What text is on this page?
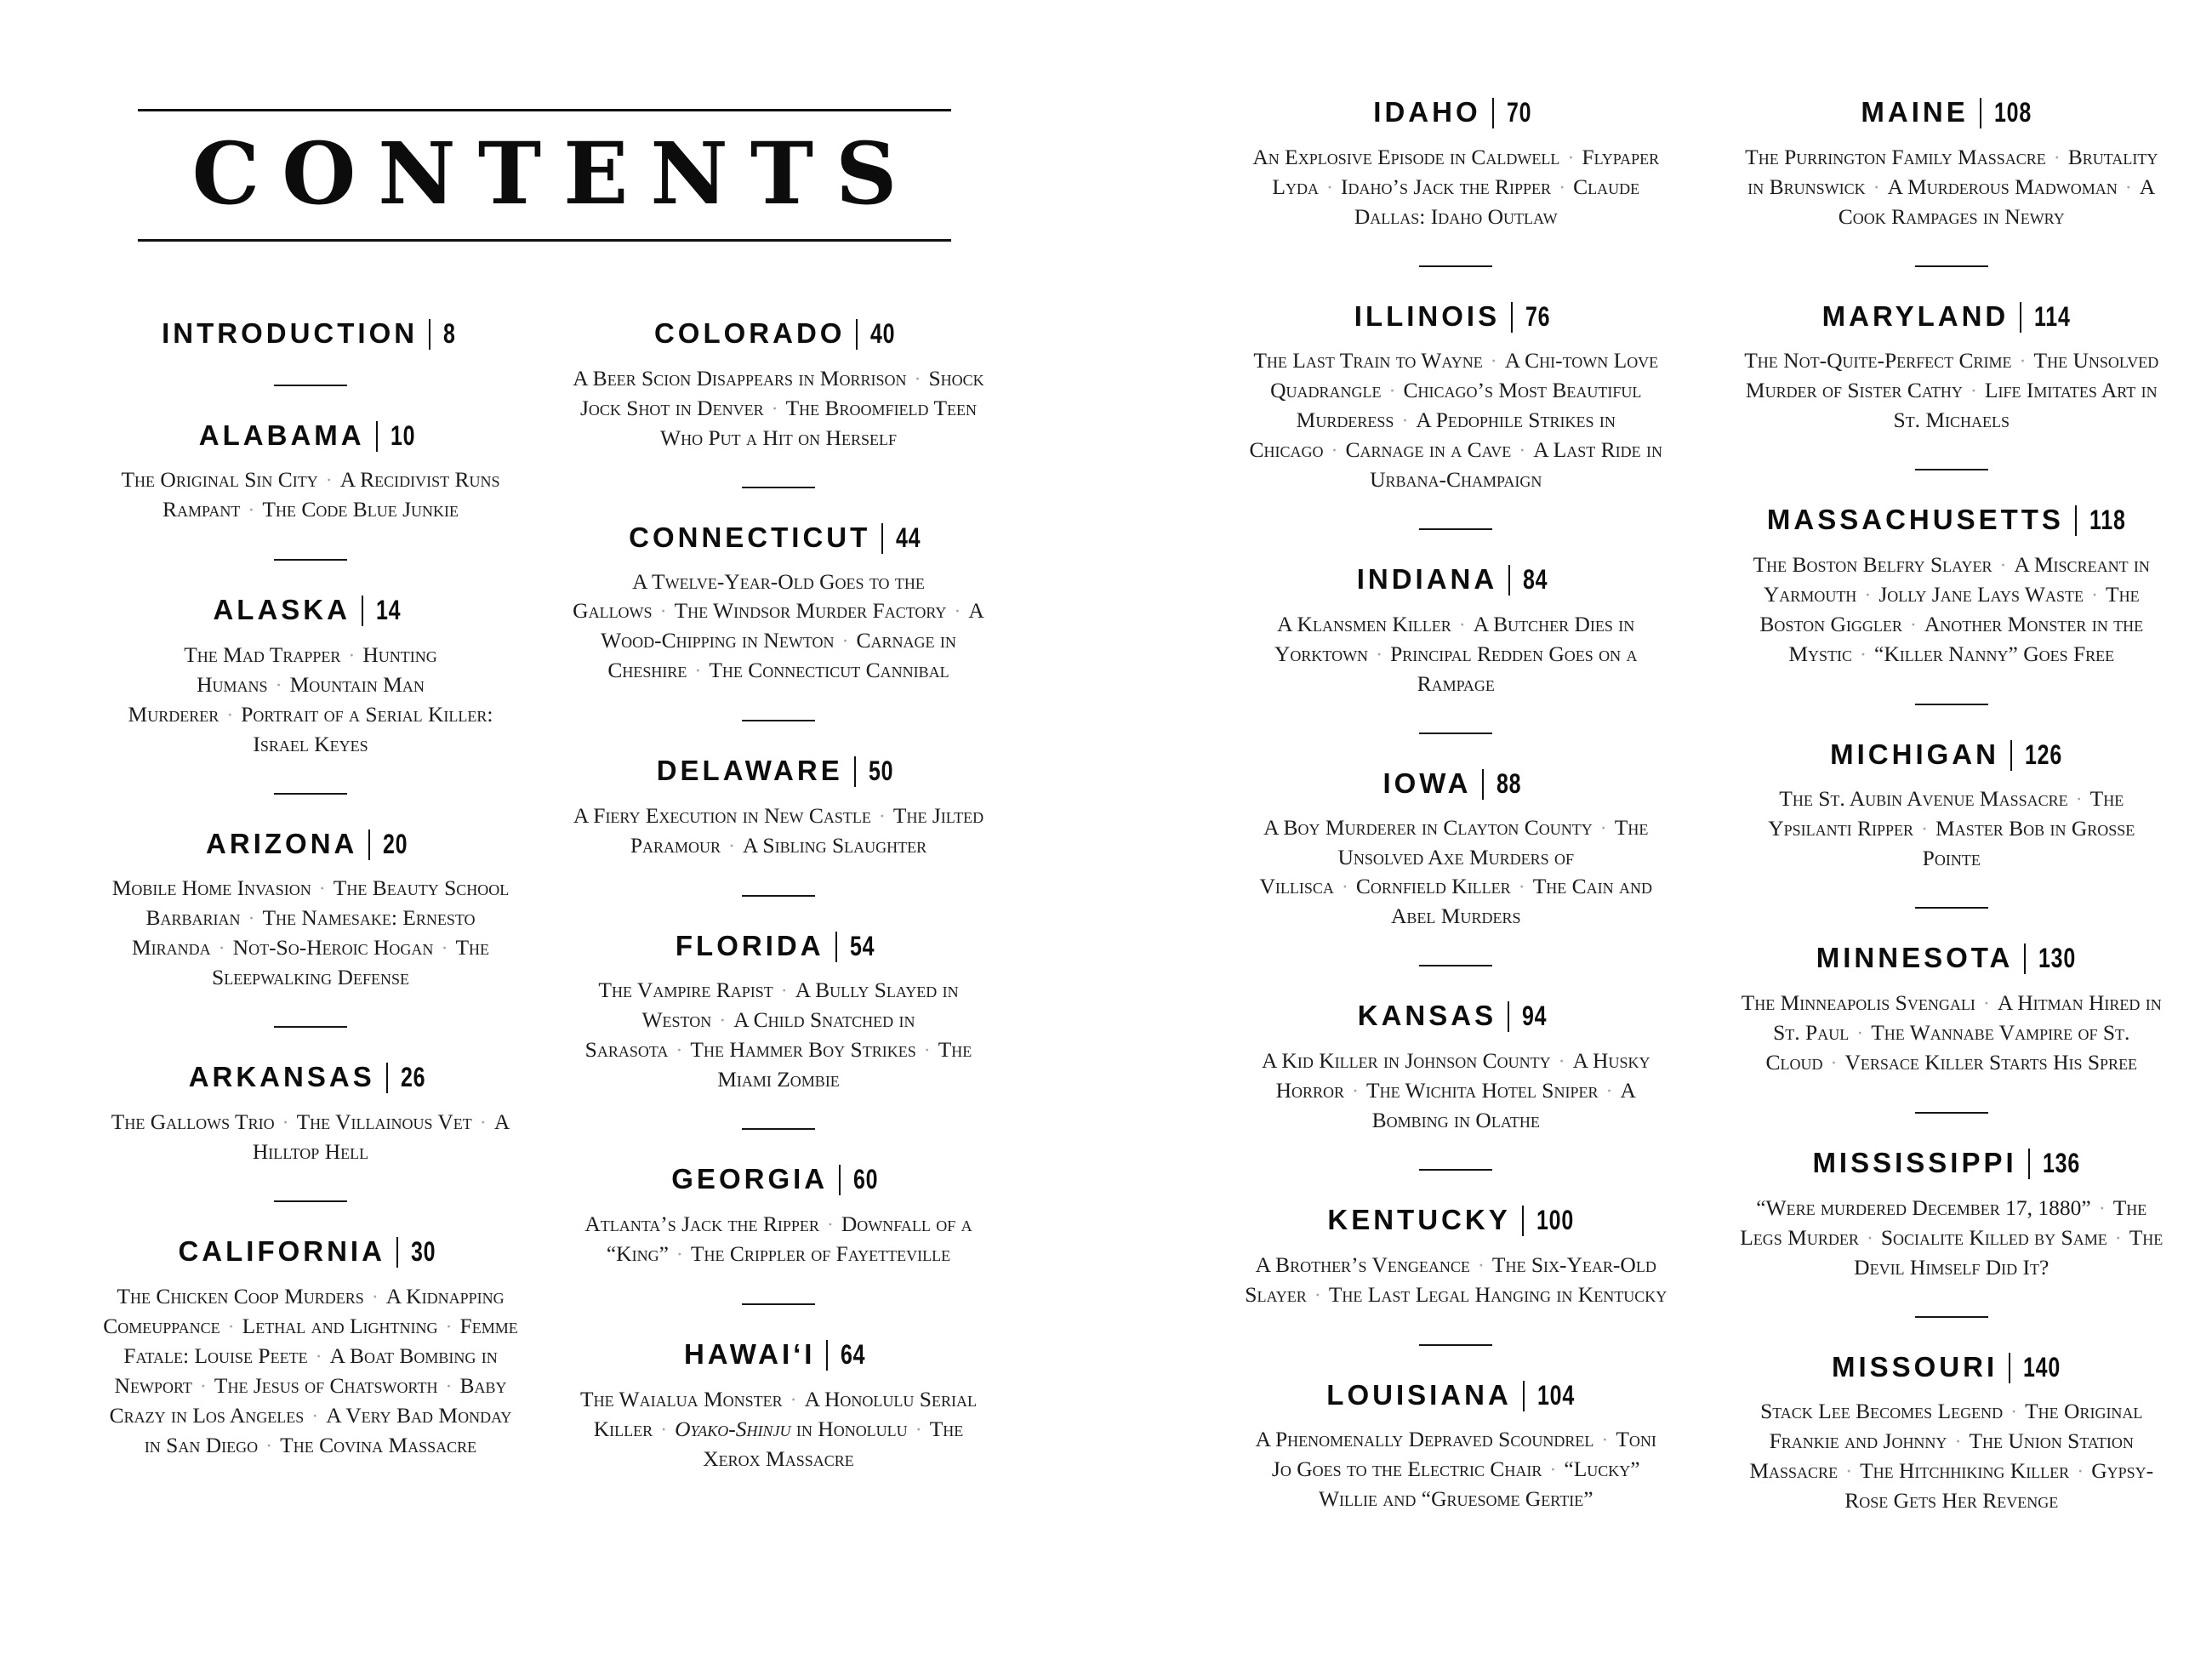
CONTENTS
INTRODUCTION 8
ALABAMA 10

The Original Sin City · A Recidivist Runs Rampant · The Code Blue Junkie

ALASKA 14

The Mad Trapper · Hunting Humans · Mountain Man Murderer · Portrait of a Serial Killer: Israel Keyes

ARIZONA 20

Mobile Home Invasion · The Beauty School Barbarian · The Namesake: Ernesto Miranda · Not-So-Heroic Hogan · The Sleepwalking Defense

ARKANSAS 26

The Gallows Trio · The Villainous Vet · A Hilltop Hell

CALIFORNIA 30

The Chicken Coop Murders · A Kidnapping Comeuppance · Lethal and Lightning · Femme Fatale: Louise Peete · A Boat Bombing in Newport · The Jesus of Chatsworth · Baby Crazy in Los Angeles · A Very Bad Monday in San Diego · The Covina Massacre

COLORADO 40

A Beer Scion Disappears in Morrison · Shock Jock Shot in Denver · The Broomfield Teen Who Put a Hit on Herself

CONNECTICUT 44

A Twelve-Year-Old Goes to the Gallows · The Windsor Murder Factory · A Wood-Chipping in Newton · Carnage in Cheshire · The Connecticut Cannibal

DELAWARE 50

A Fiery Execution in New Castle · The Jilted Paramour · A Sibling Slaughter

FLORIDA 54

The Vampire Rapist · A Bully Slayed in Weston · A Child Snatched in Sarasota · The Hammer Boy Strikes · The Miami Zombie

GEORGIA 60

Atlanta’s Jack the Ripper · Downfall of a “King” · The Crippler of Fayetteville

HAWAI‘I 64

The Waialua Monster · A Honolulu Serial Killer · Oyako-Shinju in Honolulu · The Xerox Massacre

IDAHO 70

An Explosive Episode in Caldwell · Flypaper Lyda · Idaho’s Jack the Ripper · Claude Dallas: Idaho Outlaw

ILLINOIS 76

The Last Train to Wayne · A Chi-town Love Quadrangle · Chicago’s Most Beautiful Murderess · A Pedophile Strikes in Chicago · Carnage in a Cave · A Last Ride in Urbana-Champaign

INDIANA 84

A Klansmen Killer · A Butcher Dies in Yorktown · Principal Redden Goes on a Rampage

IOWA 88

A Boy Murderer in Clayton County · The Unsolved Axe Murders of Villisca · Cornfield Killer · The Cain and Abel Murders

KANSAS 94

A Kid Killer in Johnson County · A Husky Horror · The Wichita Hotel Sniper · A Bombing in Olathe

KENTUCKY 100

A Brother’s Vengeance · The Six-Year-Old Slayer · The Last Legal Hanging in Kentucky

LOUISIANA 104

A Phenomenally Depraved Scoundrel · Toni Jo Goes to the Electric Chair · “Lucky” Willie and “Gruesome Gertie”

MAINE 108

The Purrington Family Massacre · Brutality in Brunswick · A Murderous Madwoman · A Cook Rampages in Newry

MARYLAND 114

The Not-Quite-Perfect Crime · The Unsolved Murder of Sister Cathy · Life Imitates Art in St. Michaels

MASSACHUSETTS 118

The Boston Belfry Slayer · A Miscreant in Yarmouth · Jolly Jane Lays Waste · The Boston Giggler · Another Monster in the Mystic · “Killer Nanny” Goes Free

MICHIGAN 126

The St. Aubin Avenue Massacre · The Ypsilanti Ripper · Master Bob in Grosse Pointe

MINNESOTA 130

The Minneapolis Svengali · A Hitman Hired in St. Paul · The Wannabe Vampire of St. Cloud · Versace Killer Starts His Spree

MISSISSIPPI 136

“Were murdered December 17, 1880” · The Legs Murder · Socialite Killed by Same · The Devil Himself Did It?

MISSOURI 140

Stack Lee Becomes Legend · The Original Frankie and Johnny · The Union Station Massacre · The Hitchhiking Killer · Gypsy-Rose Gets Her Revenge
